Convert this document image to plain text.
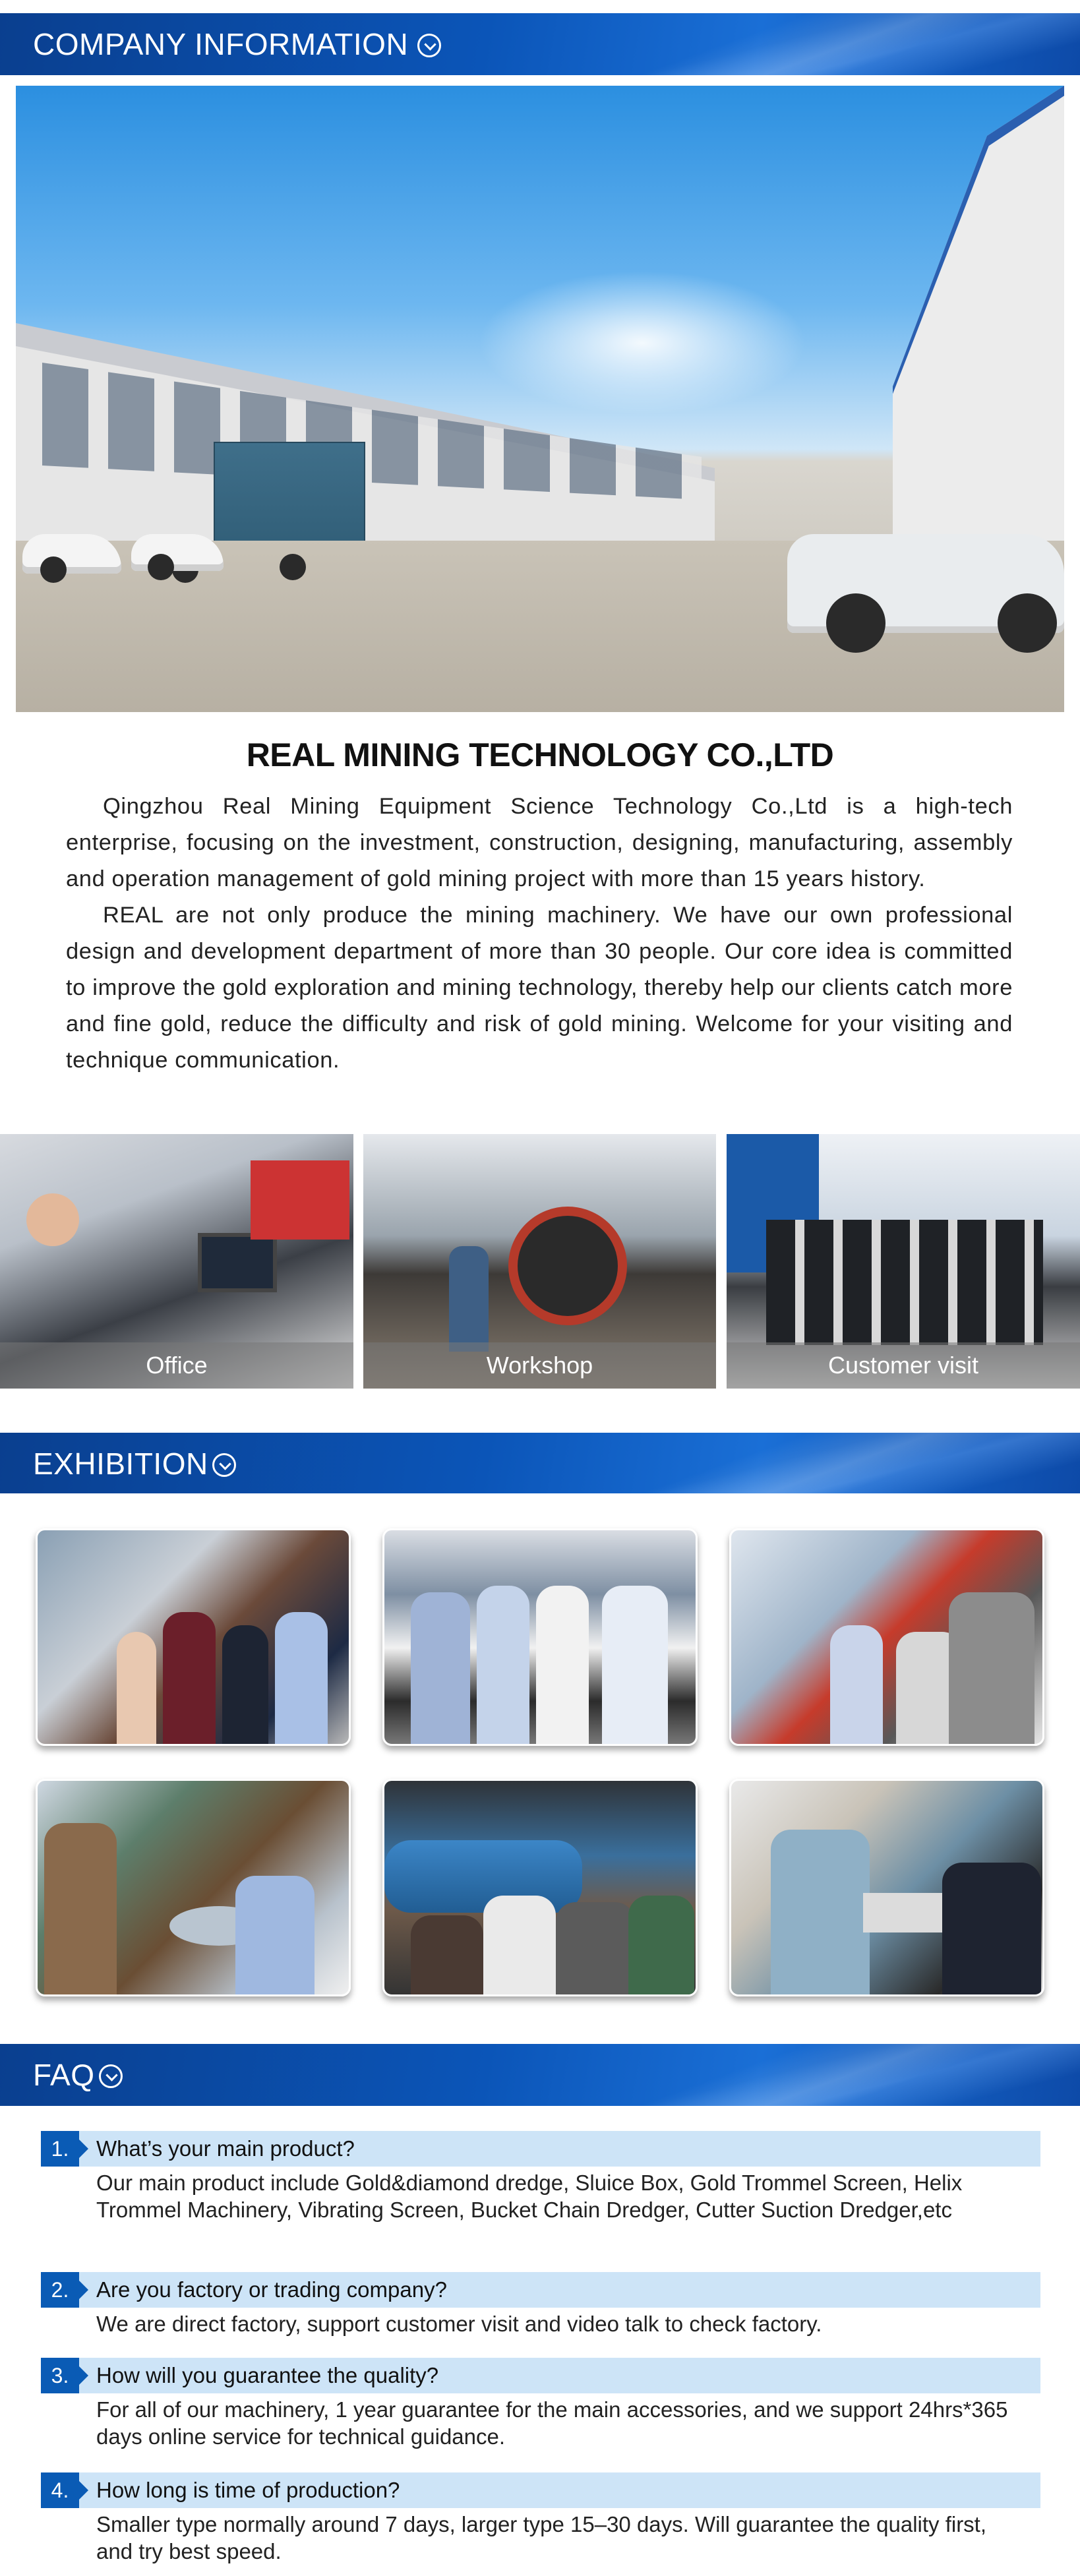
COMPANY INFORMATION
REAL MINING TECHNOLOGY CO.,LTD

Qingzhou Real Mining Equipment Science Technology Co.,Ltd is a high-tech enterprise, focusing on the investment, construction, designing, manufacturing, assembly and operation management of gold mining project with more than 15 years history.

REAL are not only produce the mining machinery. We have our own professional design and development department of more than 30 people. Our core idea is committed to improve the gold exploration and mining technology, thereby help our clients catch more and fine gold, reduce the difficulty and risk of gold mining. Welcome for your visiting and technique communication.

Office	Workshop	Customer visit
EXHIBITION
FAQ
1.	What’s your main product?
Our main product include Gold&diamond dredge, Sluice Box, Gold Trommel Screen, Helix Trommel Machinery, Vibrating Screen, Bucket Chain Dredger, Cutter Suction Dredger,etc
2.	Are you factory or trading company?
We are direct factory, support customer visit and video talk to check factory.
3.	How will you guarantee the quality?
For all of our machinery, 1 year guarantee for the main accessories, and we support 24hrs*365 days online service for technical guidance.
4.	How long is time of production?
Smaller type normally around 7 days, larger type 15–30 days. Will guarantee the quality first, and try best speed.
